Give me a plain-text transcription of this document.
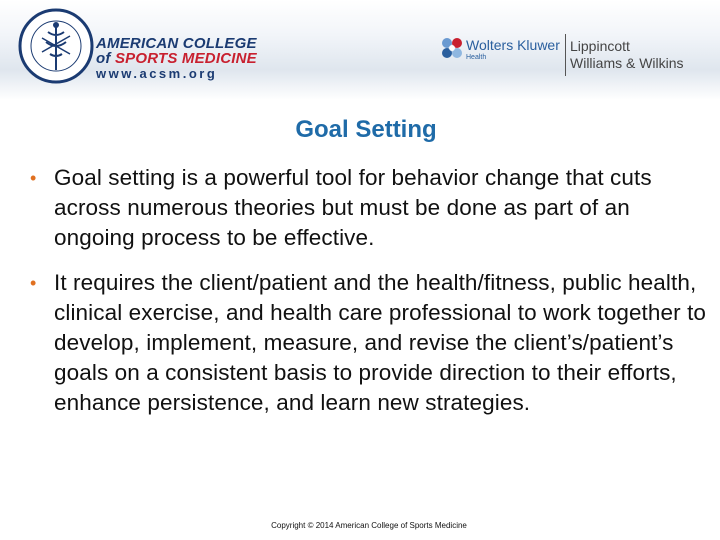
AMERICAN COLLEGE
of SPORTS MEDICINE
www.acsm.org
Wolters Kluwer
Health
Lippincott
Williams & Wilkins
Goal Setting
• Goal setting is a powerful tool for behavior change that cuts across numerous theories but must be done as part of an ongoing process to be effective.
• It requires the client/patient and the health/fitness, public health, clinical exercise, and health care professional to work together to develop, implement, measure, and revise the client’s/patient’s goals on a consistent basis to provide direction to their efforts, enhance persistence, and learn new strategies.
Copyright © 2014 American College of Sports Medicine
